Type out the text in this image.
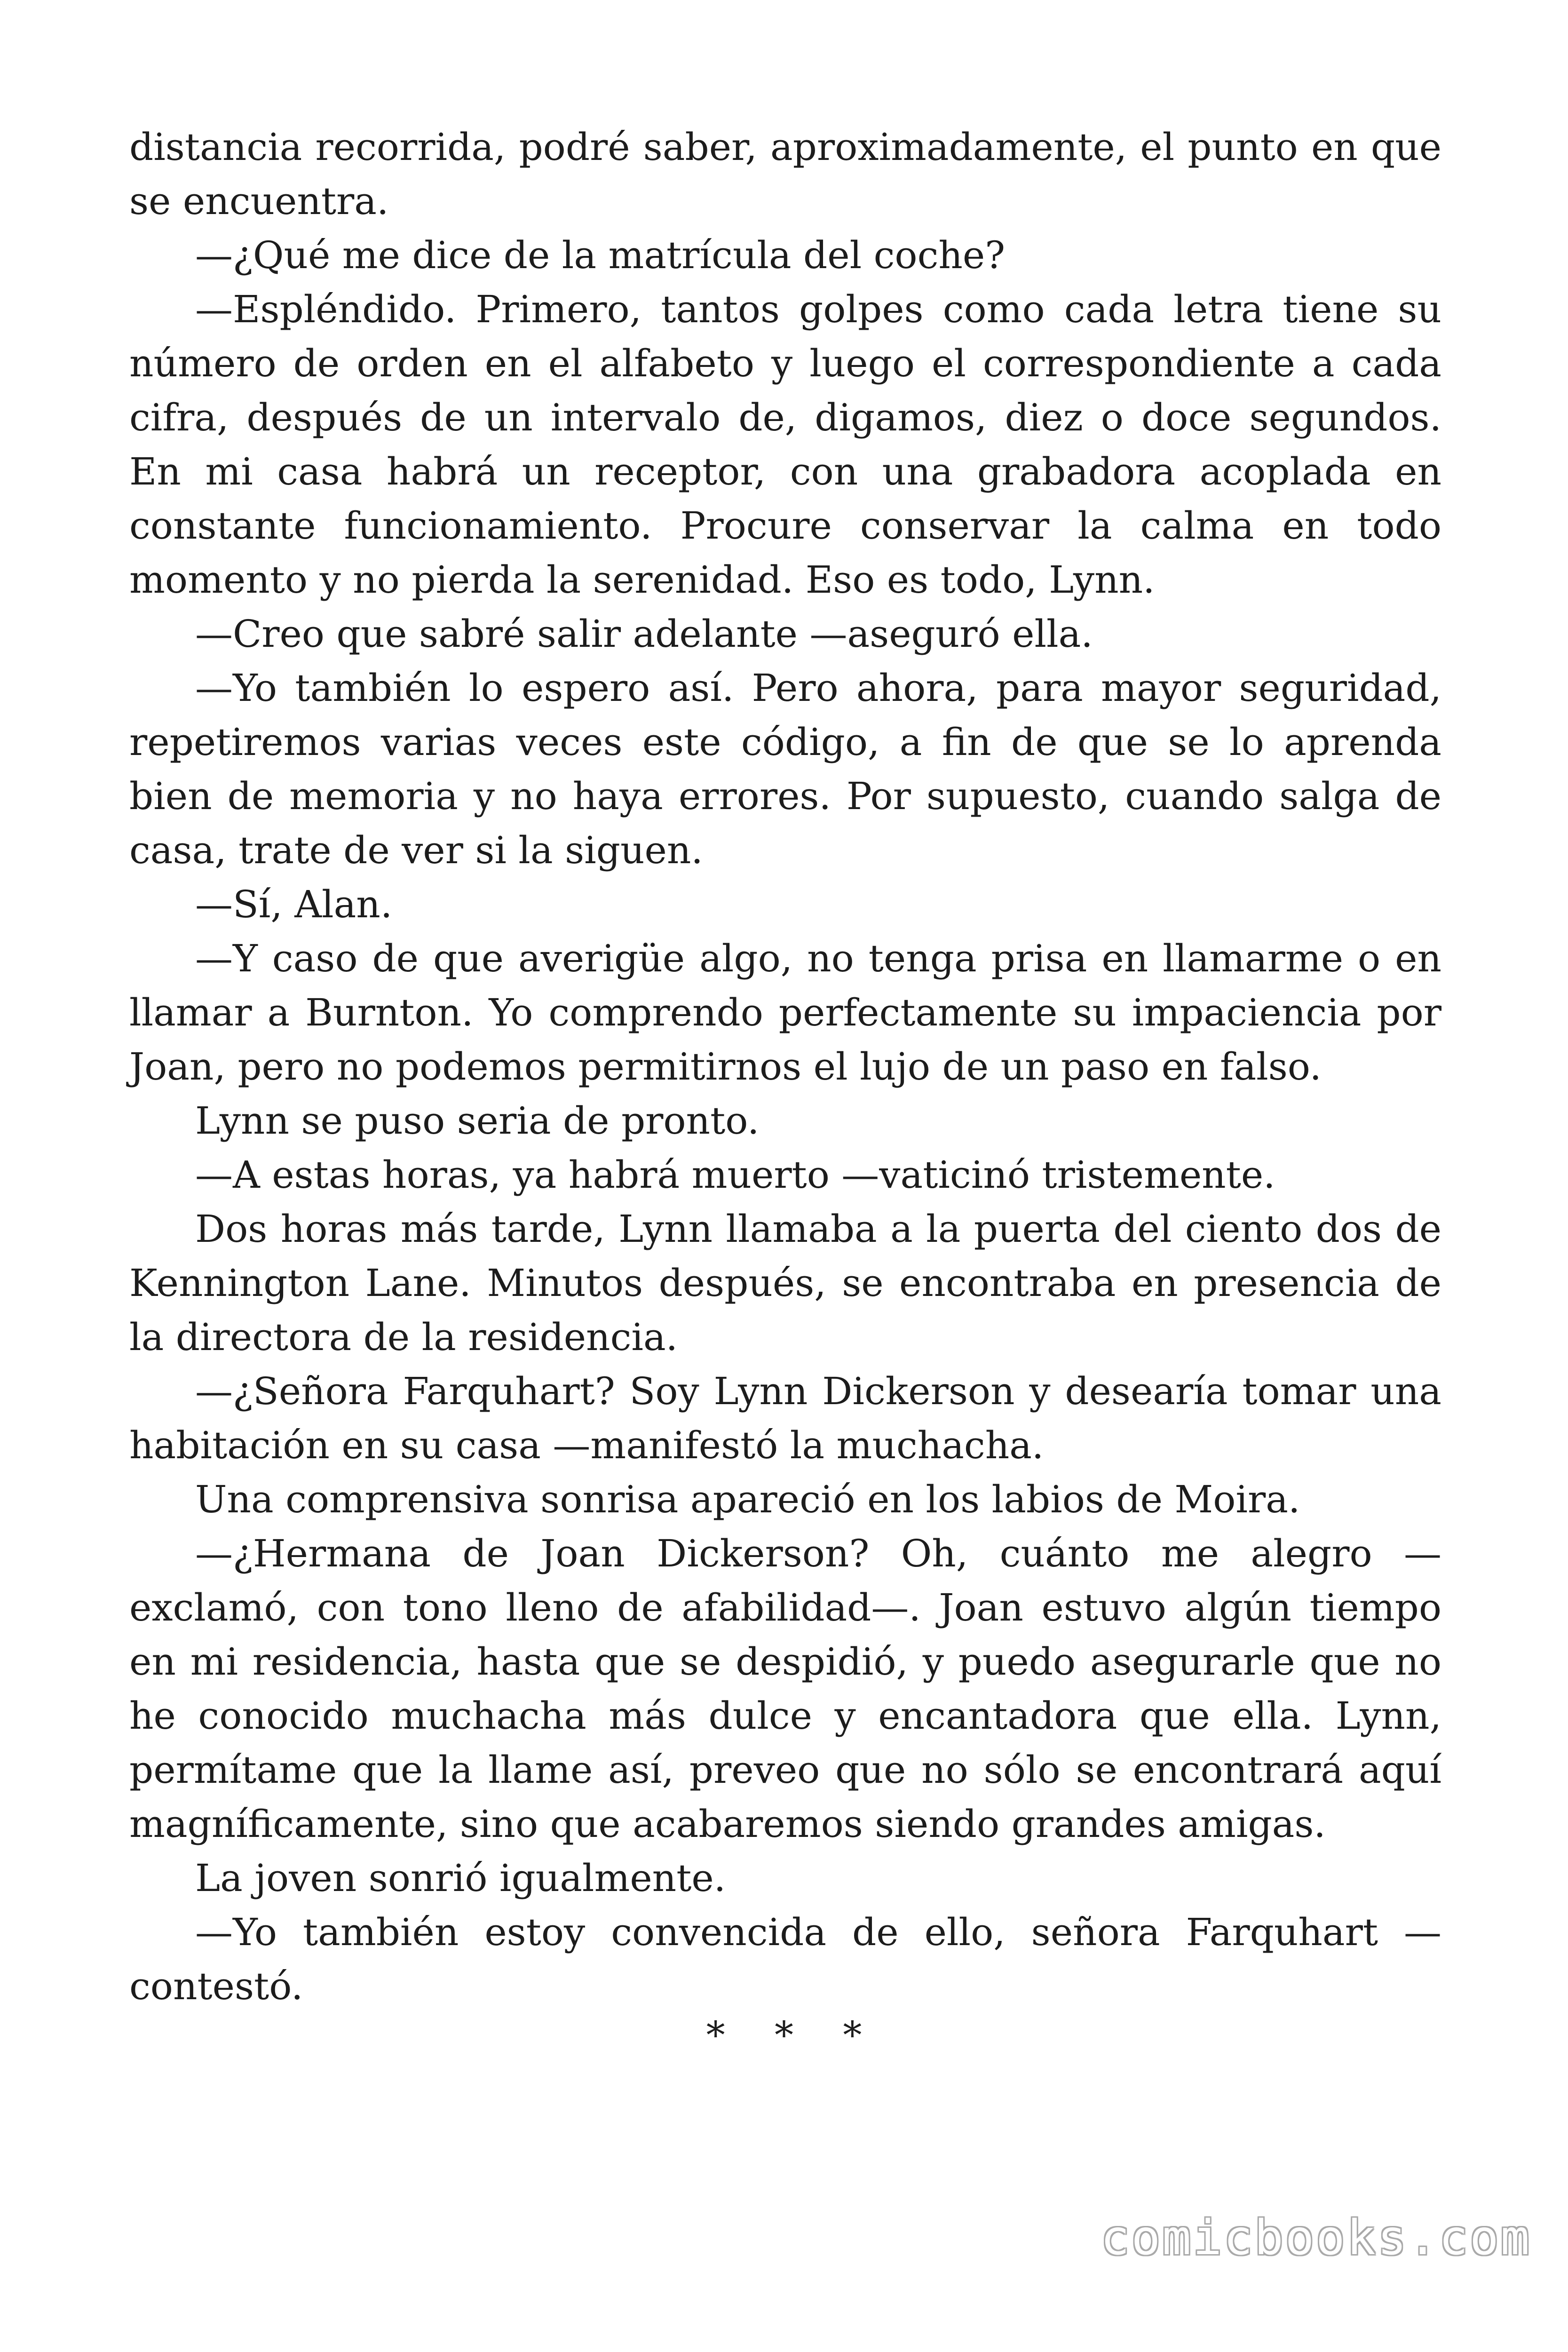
distancia recorrida, podré saber, aproximadamente, el punto en que se encuentra.

—¿Qué me dice de la matrícula del coche?

—Espléndido. Primero, tantos golpes como cada letra tiene su número de orden en el alfabeto y luego el correspondiente a cada cifra, después de un intervalo de, digamos, diez o doce segundos. En mi casa habrá un receptor, con una grabadora acoplada en constante funcionamiento. Procure conservar la calma en todo momento y no pierda la serenidad. Eso es todo, Lynn.

—Creo que sabré salir adelante —aseguró ella.

—Yo también lo espero así. Pero ahora, para mayor seguridad, repetiremos varias veces este código, a fin de que se lo aprenda bien de memoria y no haya errores. Por supuesto, cuando salga de casa, trate de ver si la siguen.

—Sí, Alan.

—Y caso de que averigüe algo, no tenga prisa en llamarme o en llamar a Burnton. Yo comprendo perfectamente su impaciencia por Joan, pero no podemos permitirnos el lujo de un paso en falso.

Lynn se puso seria de pronto.

—A estas horas, ya habrá muerto —vaticinó tristemente.

Dos horas más tarde, Lynn llamaba a la puerta del ciento dos de Kennington Lane. Minutos después, se encontraba en presencia de la directora de la residencia.

—¿Señora Farquhart? Soy Lynn Dickerson y desearía tomar una habitación en su casa —manifestó la muchacha.

Una comprensiva sonrisa apareció en los labios de Moira.

—¿Hermana de Joan Dickerson? Oh, cuánto me alegro —exclamó, con tono lleno de afabilidad—. Joan estuvo algún tiempo en mi residencia, hasta que se despidió, y puedo asegurarle que no he conocido muchacha más dulce y encantadora que ella. Lynn, permítame que la llame así, preveo que no sólo se encontrará aquí magníficamente, sino que acabaremos siendo grandes amigas.

La joven sonrió igualmente.

—Yo también estoy convencida de ello, señora Farquhart —contestó.

* * *
comicbooks.com
